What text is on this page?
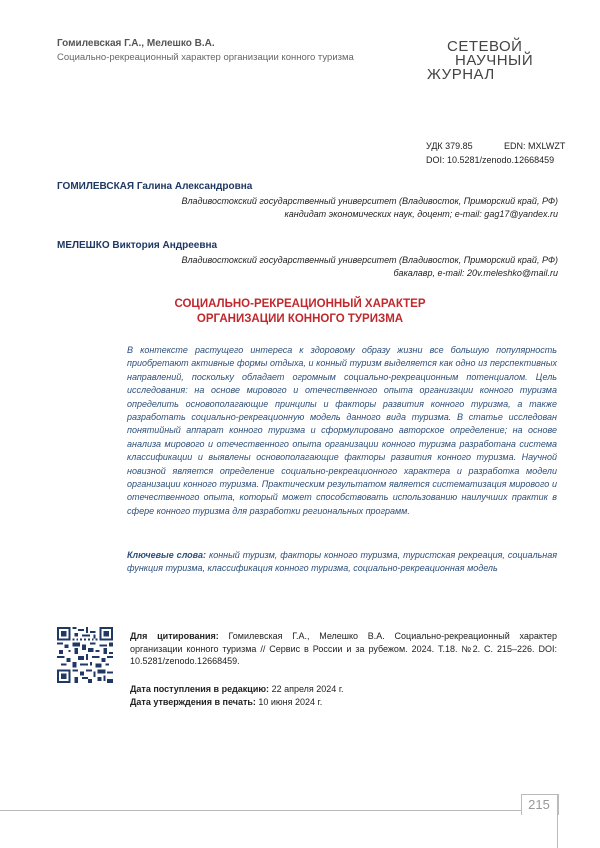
Гомилевская Г.А., Мелешко В.А.
Социально-рекреационный характер организации конного туризма
СЕТЕВОЙ
НАУЧНЫЙ
ЖУРНАЛ
УДК 379.85	EDN: MXLWZT
DOI: 10.5281/zenodo.12668459
ГОМИЛЕВСКАЯ Галина Александровна
Владивостокский государственный университет (Владивосток, Приморский край, РФ)
кандидат экономических наук, доцент; e-mail: gag17@yandex.ru
МЕЛЕШКО Виктория Андреевна
Владивостокский государственный университет (Владивосток, Приморский край, РФ)
бакалавр, e-mail: 20v.meleshko@mail.ru
СОЦИАЛЬНО-РЕКРЕАЦИОННЫЙ ХАРАКТЕР
ОРГАНИЗАЦИИ КОННОГО ТУРИЗМА
В контексте растущего интереса к здоровому образу жизни все большую популярность приобретают активные формы отдыха, и конный туризм выделяется как одно из перспективных направлений, поскольку обладает огромным социально-рекреационным потенциалом. Цель исследования: на основе мирового и отечественного опыта организации конного туризма определить основополагающие принципы и факторы развития конного туризма, а также разработать социально-рекреационную модель данного вида туризма. В статье исследован понятийный аппарат конного туризма и сформулировано авторское определение; на основе анализа мирового и отечественного опыта организации конного туризма разработана система классификации и выявлены основополагающие факторы развития конного туризма. Научной новизной является определение социально-рекреационного характера и разработка модели организации конного туризма. Практическим результатом является систематизация мирового и отечественного опыта, который может способствовать использованию наилучших практик в сфере конного туризма для разработки региональных программ.
Ключевые слова: конный туризм, факторы конного туризма, туристская рекреация, социальная функция туризма, классификация конного туризма, социально-рекреационная модель
Для цитирования: Гомилевская Г.А., Мелешко В.А. Социально-рекреационный характер организации конного туризма // Сервис в России и за рубежом. 2024. Т.18. №2. С. 215–226. DOI: 10.5281/zenodo.12668459.
Дата поступления в редакцию: 22 апреля 2024 г.
Дата утверждения в печать: 10 июня 2024 г.
215
